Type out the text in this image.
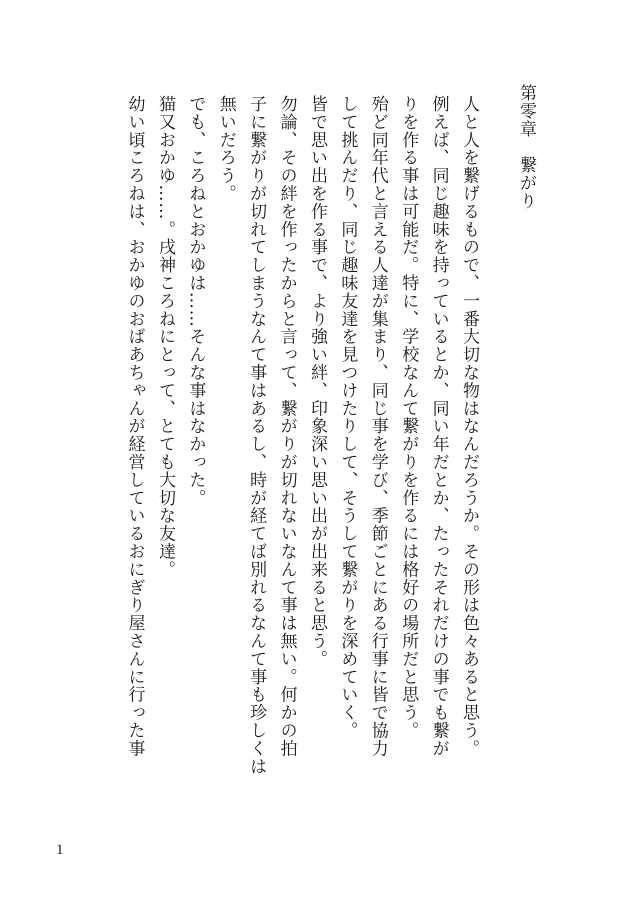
第零章　繋がり
人と人を繋げるもので、一番大切な物はなんだろうか。その形は色々あると思う。
例えば、同じ趣味を持っているとか、同い年だとか、たったそれだけの事でも繋が
りを作る事は可能だ。特に、学校なんて繋がりを作るには格好の場所だと思う。
殆ど同年代と言える人達が集まり、同じ事を学び、季節ごとにある行事に皆で協力
して挑んだり、同じ趣味友達を見つけたりして、そうして繋がりを深めていく。
皆で思い出を作る事で、より強い絆、印象深い思い出が出来ると思う。
勿論、その絆を作ったからと言って、繋がりが切れないなんて事は無い。何かの拍
子に繋がりが切れてしまうなんて事はあるし、時が経てば別れるなんて事も珍しくは
無いだろう。
でも、ころねとおかゆは……そんな事はなかった。
猫又おかゆ……。戌神ころねにとって、とても大切な友達。
幼い頃ころねは、おかゆのおばあちゃんが経営しているおにぎり屋さんに行った事
1
